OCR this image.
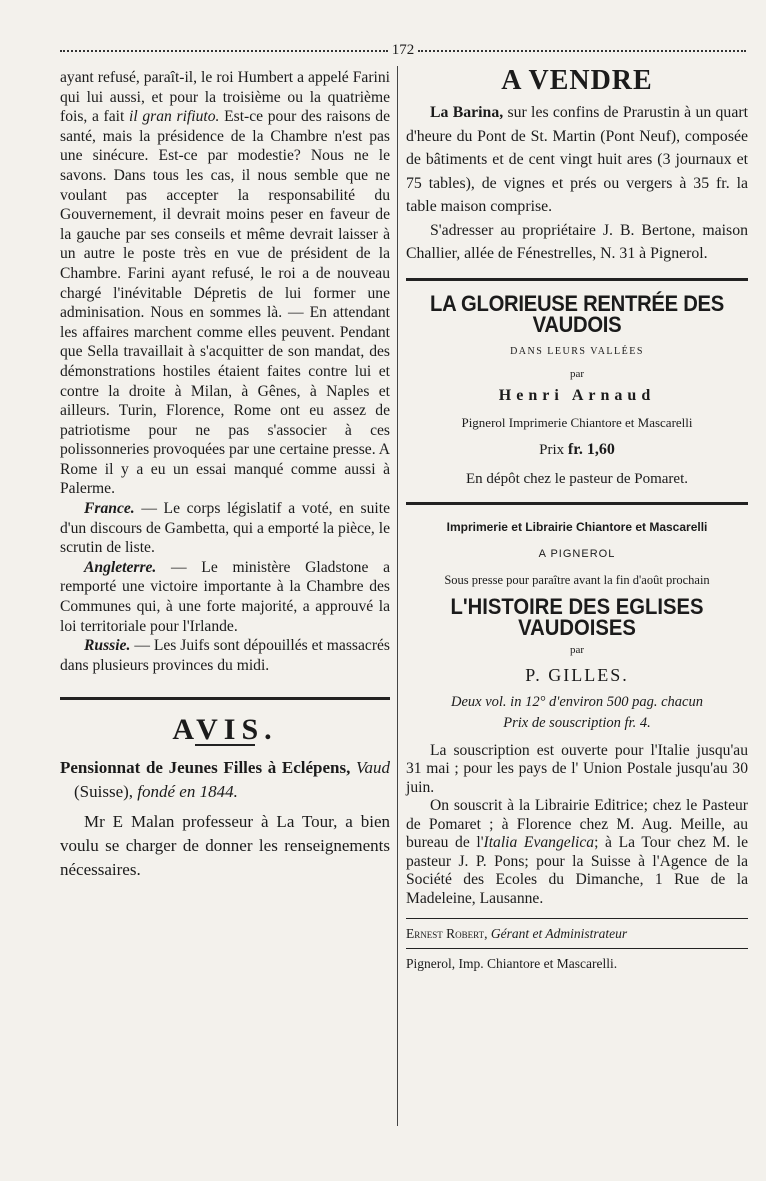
172

ayant refusé, paraît-il, le roi Humbert a appelé Farini qui lui aussi, et pour la troisième ou la quatrième fois, a fait il gran rifiuto. Est-ce pour des raisons de santé, mais la présidence de la Chambre n'est pas une sinécure. Est-ce par modestie? Nous ne le savons. Dans tous les cas, il nous semble que ne voulant pas accepter la responsabilité du Gouvernement, il devrait moins peser en faveur de la gauche par ses conseils et même devrait laisser à un autre le poste très en vue de président de la Chambre. Farini ayant refusé, le roi a de nouveau chargé l'inévitable Dépretis de lui former une adminisation. Nous en sommes là. — En attendant les affaires marchent comme elles peuvent. Pendant que Sella travaillait à s'acquitter de son mandat, des démonstrations hostiles étaient faites contre lui et contre la droite à Milan, à Gênes, à Naples et ailleurs. Turin, Florence, Rome ont eu assez de patriotisme pour ne pas s'associer à ces polissonneries provoquées par une certaine presse. A Rome il y a eu un essai manqué comme aussi à Palerme.

France. — Le corps législatif a voté, en suite d'un discours de Gambetta, qui a emporté la pièce, le scrutin de liste.

Angleterre. — Le ministère Gladstone a remporté une victoire importante à la Chambre des Communes qui, à une forte majorité, a approuvé la loi territoriale pour l'Irlande.

Russie. — Les Juifs sont dépouillés et massacrés dans plusieurs provinces du midi.

AVIS.

Pensionnat de Jeunes Filles à Eclépens, Vaud (Suisse), fondé en 1844.

Mr E Malan professeur à La Tour, a bien voulu se charger de donner les renseignements nécessaires.

A VENDRE

La Barina, sur les confins de Prarustin à un quart d'heure du Pont de St. Martin (Pont Neuf), composée de bâtiments et de cent vingt huit ares (3 journaux et 75 tables), de vignes et prés ou vergers à 35 fr. la table maison comprise.

S'adresser au propriétaire J. B. Bertone, maison Challier, allée de Fénestrelles, N. 31 à Pignerol.

LA GLORIEUSE RENTRÉE DES VAUDOIS
DANS LEURS VALLÉES
par
Henri Arnaud
Pignerol Imprimerie Chiantore et Mascarelli
Prix fr. 1,60
En dépôt chez le pasteur de Pomaret.
Imprimerie et Librairie Chiantore et Mascarelli
A PIGNEROL
Sous presse pour paraître avant la fin d'août prochain
L'HISTOIRE DES EGLISES VAUDOISES
par
P. GILLES.
Deux vol. in 12° d'environ 500 pag. chacun
Prix de souscription fr. 4.

La souscription est ouverte pour l'Italie jusqu'au 31 mai ; pour les pays de l' Union Postale jusqu'au 30 juin.

On souscrit à la Librairie Editrice; chez le Pasteur de Pomaret ; à Florence chez M. Aug. Meille, au bureau de l'Italia Evangelica; à La Tour chez M. le pasteur J. P. Pons; pour la Suisse à l'Agence de la Société des Ecoles du Dimanche, 1 Rue de la Madeleine, Lausanne.

Ernest Robert, Gérant et Administrateur
Pignerol, Imp. Chiantore et Mascarelli.
